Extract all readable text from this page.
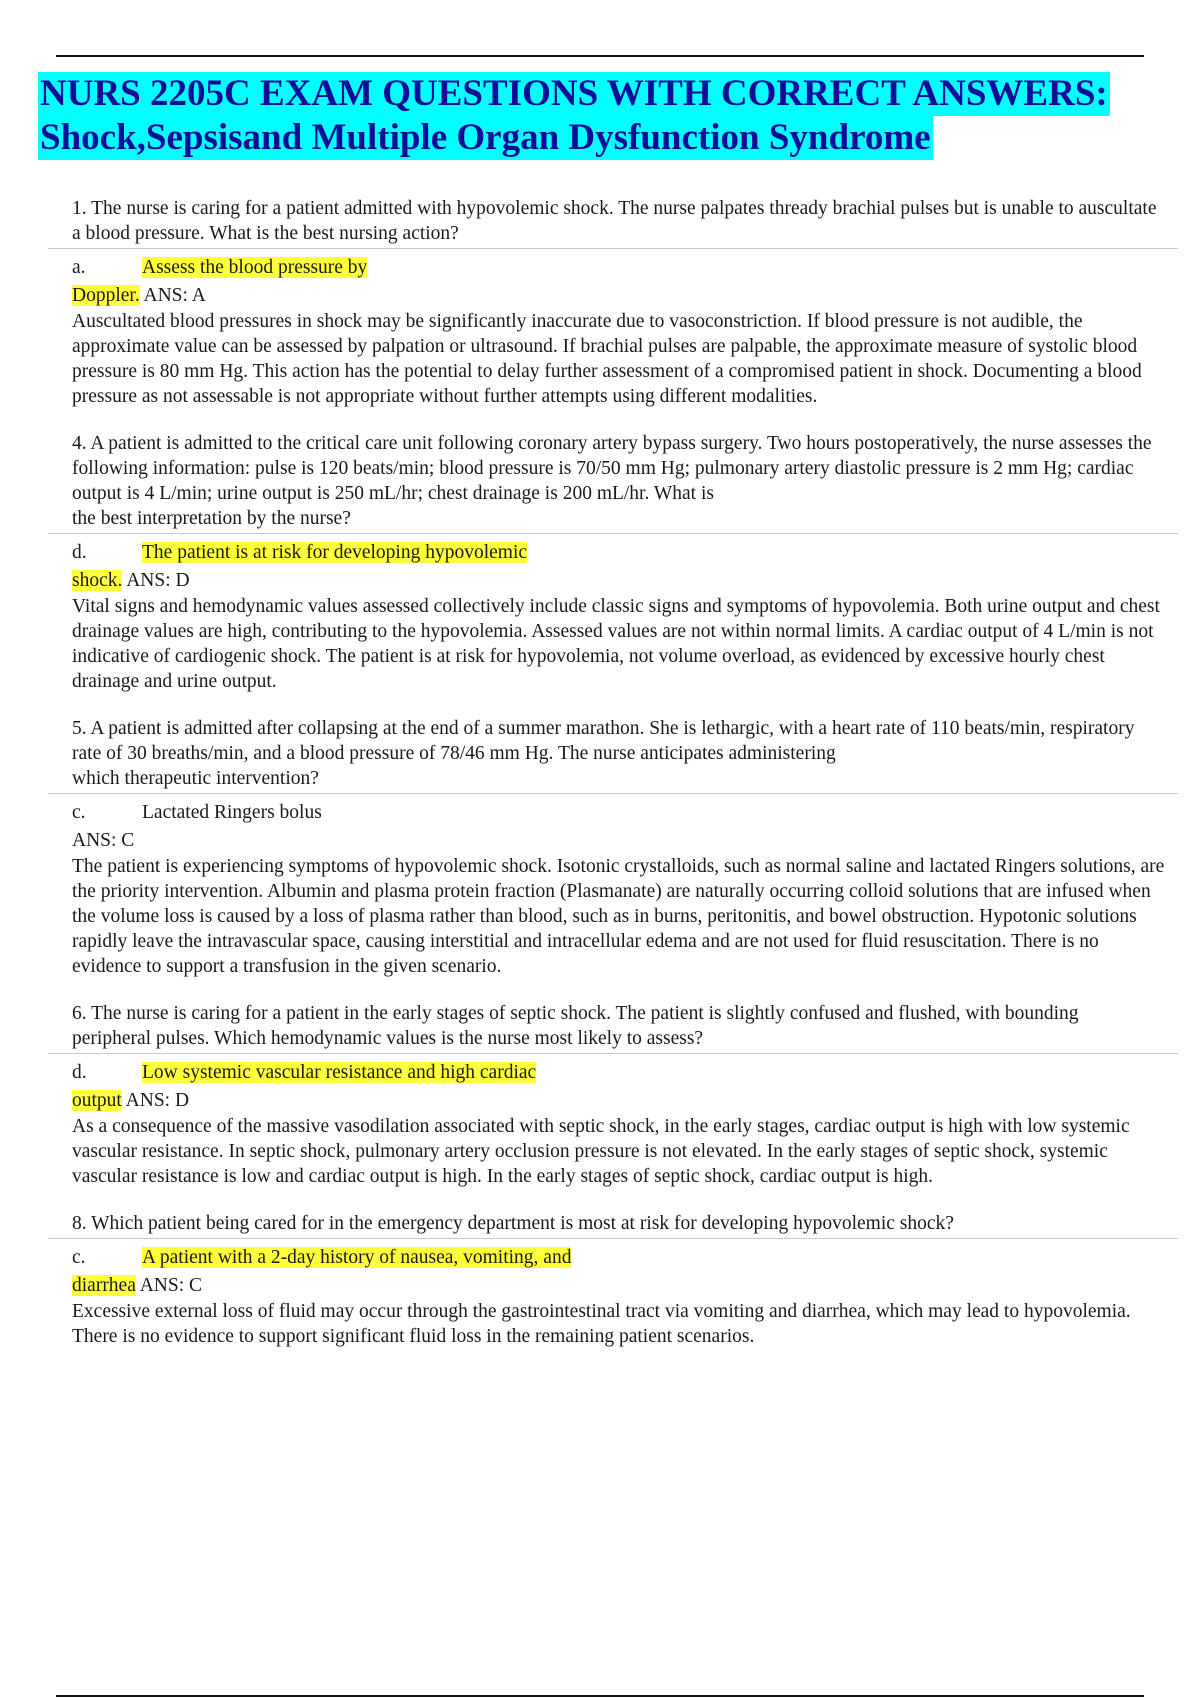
NURS 2205C EXAM QUESTIONS WITH CORRECT ANSWERS:
Shock,Sepsisand Multiple Organ Dysfunction Syndrome

1. The nurse is caring for a patient admitted with hypovolemic shock. The nurse palpates thready brachial pulses but is unable to auscultate a blood pressure. What is the best nursing action?

a.	Assess the blood pressure by
Doppler. ANS: A

Auscultated blood pressures in shock may be significantly inaccurate due to vasoconstriction. If blood pressure is not audible, the approximate value can be assessed by palpation or ultrasound. If brachial pulses are palpable, the approximate measure of systolic blood pressure is 80 mm Hg. This action has the potential to delay further assessment of a compromised patient in shock. Documenting a blood pressure as not assessable is not appropriate without further attempts using different modalities.

4. A patient is admitted to the critical care unit following coronary artery bypass surgery. Two hours postoperatively, the nurse assesses the following information: pulse is 120 beats/min; blood pressure is 70/50 mm Hg; pulmonary artery diastolic pressure is 2 mm Hg; cardiac output is 4 L/min; urine output is 250 mL/hr; chest drainage is 200 mL/hr. What is
the best interpretation by the nurse?

d.	The patient is at risk for developing hypovolemic
shock. ANS: D

Vital signs and hemodynamic values assessed collectively include classic signs and symptoms of hypovolemia. Both urine output and chest drainage values are high, contributing to the hypovolemia. Assessed values are not within normal limits. A cardiac output of 4 L/min is not indicative of cardiogenic shock. The patient is at risk for hypovolemia, not volume overload, as evidenced by excessive hourly chest drainage and urine output.

5. A patient is admitted after collapsing at the end of a summer marathon. She is lethargic, with a heart rate of 110 beats/min, respiratory rate of 30 breaths/min, and a blood pressure of 78/46 mm Hg. The nurse anticipates administering
which therapeutic intervention?

c.	Lactated Ringers bolus
ANS: C

The patient is experiencing symptoms of hypovolemic shock. Isotonic crystalloids, such as normal saline and lactated Ringers solutions, are the priority intervention. Albumin and plasma protein fraction (Plasmanate) are naturally occurring colloid solutions that are infused when the volume loss is caused by a loss of plasma rather than blood, such as in burns, peritonitis, and bowel obstruction. Hypotonic solutions rapidly leave the intravascular space, causing interstitial and intracellular edema and are not used for fluid resuscitation. There is no evidence to support a transfusion in the given scenario.

6. The nurse is caring for a patient in the early stages of septic shock. The patient is slightly confused and flushed, with bounding peripheral pulses. Which hemodynamic values is the nurse most likely to assess?

d.	Low systemic vascular resistance and high cardiac
output ANS: D

As a consequence of the massive vasodilation associated with septic shock, in the early stages, cardiac output is high with low systemic vascular resistance. In septic shock, pulmonary artery occlusion pressure is not elevated. In the early stages of septic shock, systemic vascular resistance is low and cardiac output is high. In the early stages of septic shock, cardiac output is high.

8. Which patient being cared for in the emergency department is most at risk for developing hypovolemic shock?

c.	A patient with a 2-day history of nausea, vomiting, and
diarrhea ANS: C

Excessive external loss of fluid may occur through the gastrointestinal tract via vomiting and diarrhea, which may lead to hypovolemia. There is no evidence to support significant fluid loss in the remaining patient scenarios.
